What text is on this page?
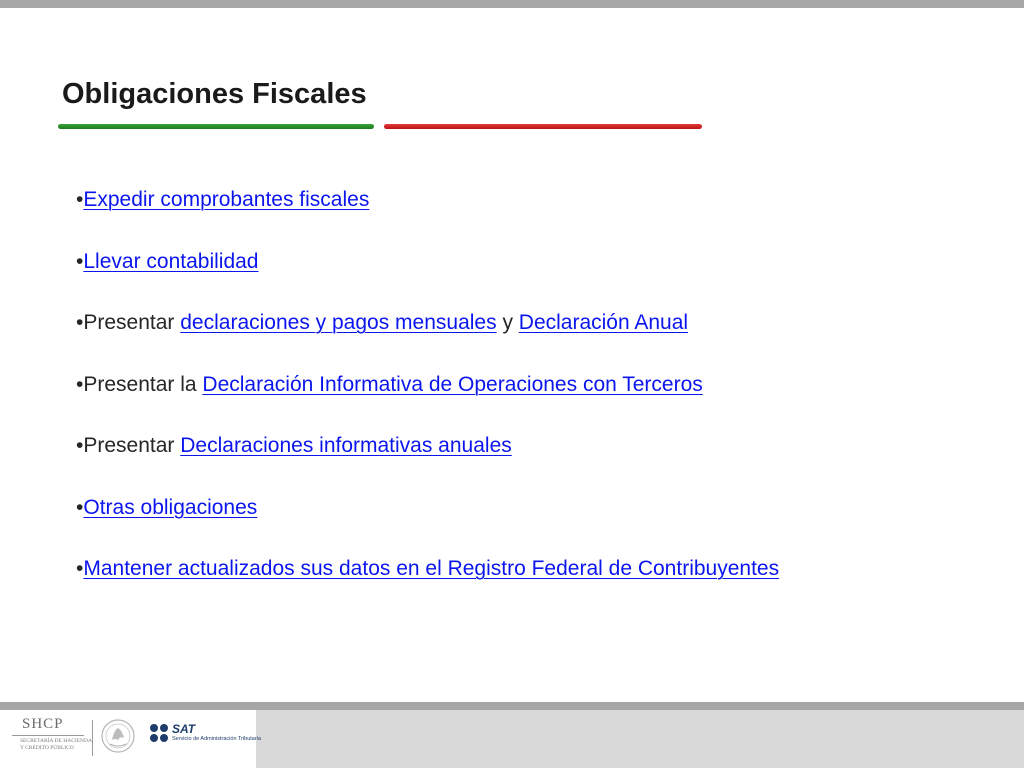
Obligaciones Fiscales
•Expedir comprobantes fiscales
•Llevar contabilidad
•Presentar declaraciones y pagos mensuales y Declaración Anual
•Presentar la Declaración Informativa de Operaciones con Terceros
•Presentar Declaraciones informativas anuales
•Otras obligaciones
•Mantener actualizados sus datos en el Registro Federal de Contribuyentes
SHCP
SECRETARÍA DE HACIENDA
Y CRÉDITO PÚBLICO
SAT
Servicio de Administración Tributaria
